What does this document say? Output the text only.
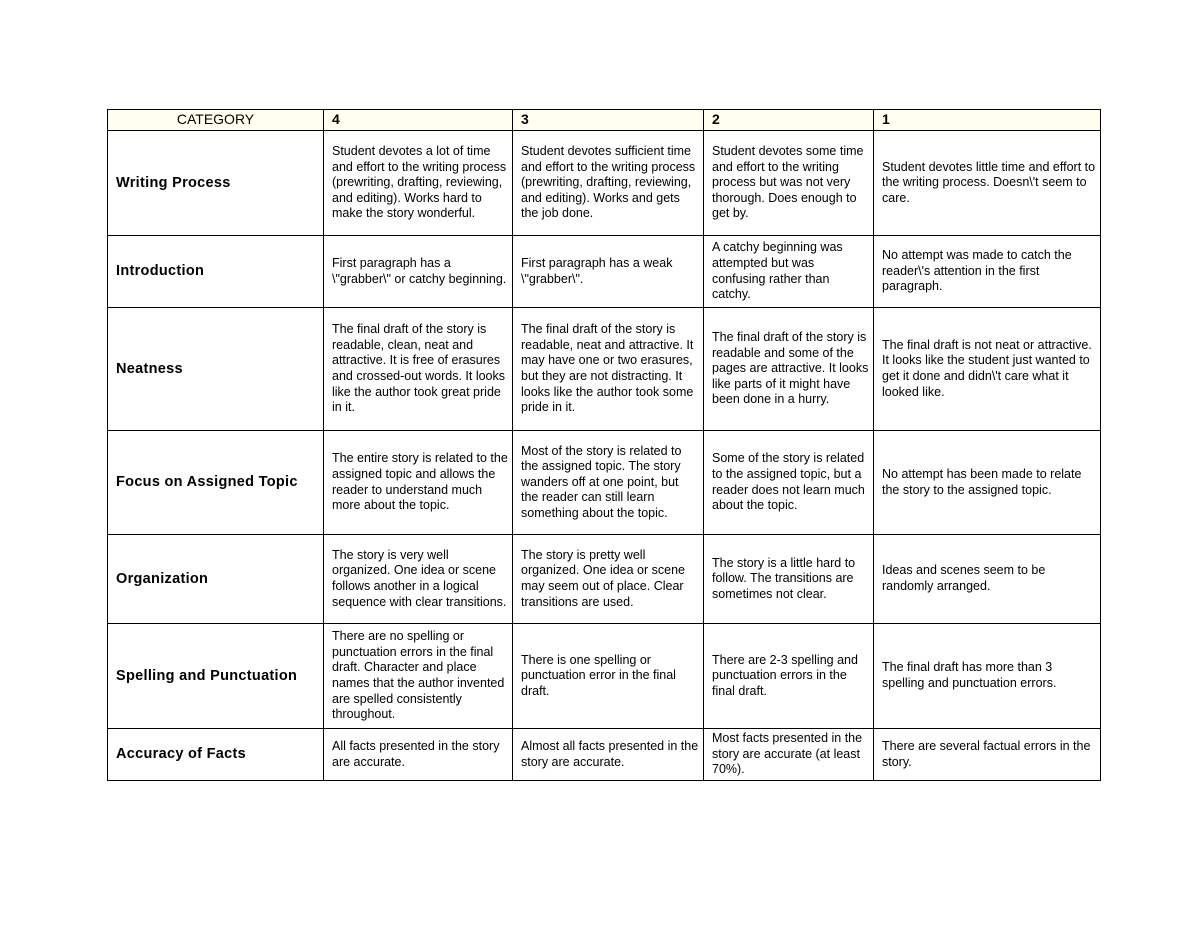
CATEGORY	4	3	2	1
Writing Process	Student devotes a lot of time and effort to the writing process (prewriting, drafting, reviewing, and editing). Works hard to make the story wonderful.	Student devotes sufficient time and effort to the writing process (prewriting, drafting, reviewing, and editing). Works and gets the job done.	Student devotes some time and effort to the writing process but was not very thorough. Does enough to get by.	Student devotes little time and effort to the writing process. Doesn\'t seem to care.
Introduction	First paragraph has a \"grabber\" or catchy beginning.	First paragraph has a weak \"grabber\".	A catchy beginning was attempted but was confusing rather than catchy.	No attempt was made to catch the reader\'s attention in the first paragraph.
Neatness	The final draft of the story is readable, clean, neat and attractive. It is free of erasures and crossed-out words. It looks like the author took great pride in it.	The final draft of the story is readable, neat and attractive. It may have one or two erasures, but they are not distracting. It looks like the author took some pride in it.	The final draft of the story is readable and some of the pages are attractive. It looks like parts of it might have been done in a hurry.	The final draft is not neat or attractive. It looks like the student just wanted to get it done and didn\'t care what it looked like.
Focus on Assigned Topic	The entire story is related to the assigned topic and allows the reader to understand much more about the topic.	Most of the story is related to the assigned topic. The story wanders off at one point, but the reader can still learn something about the topic.	Some of the story is related to the assigned topic, but a reader does not learn much about the topic.	No attempt has been made to relate the story to the assigned topic.
Organization	The story is very well organized. One idea or scene follows another in a logical sequence with clear transitions.	The story is pretty well organized. One idea or scene may seem out of place. Clear transitions are used.	The story is a little hard to follow. The transitions are sometimes not clear.	Ideas and scenes seem to be randomly arranged.
Spelling and Punctuation	There are no spelling or punctuation errors in the final draft. Character and place names that the author invented are spelled consistently throughout.	There is one spelling or punctuation error in the final draft.	There are 2-3 spelling and punctuation errors in the final draft.	The final draft has more than 3 spelling and punctuation errors.
Accuracy of Facts	All facts presented in the story are accurate.	Almost all facts presented in the story are accurate.	Most facts presented in the story are accurate (at least 70%).	There are several factual errors in the story.
